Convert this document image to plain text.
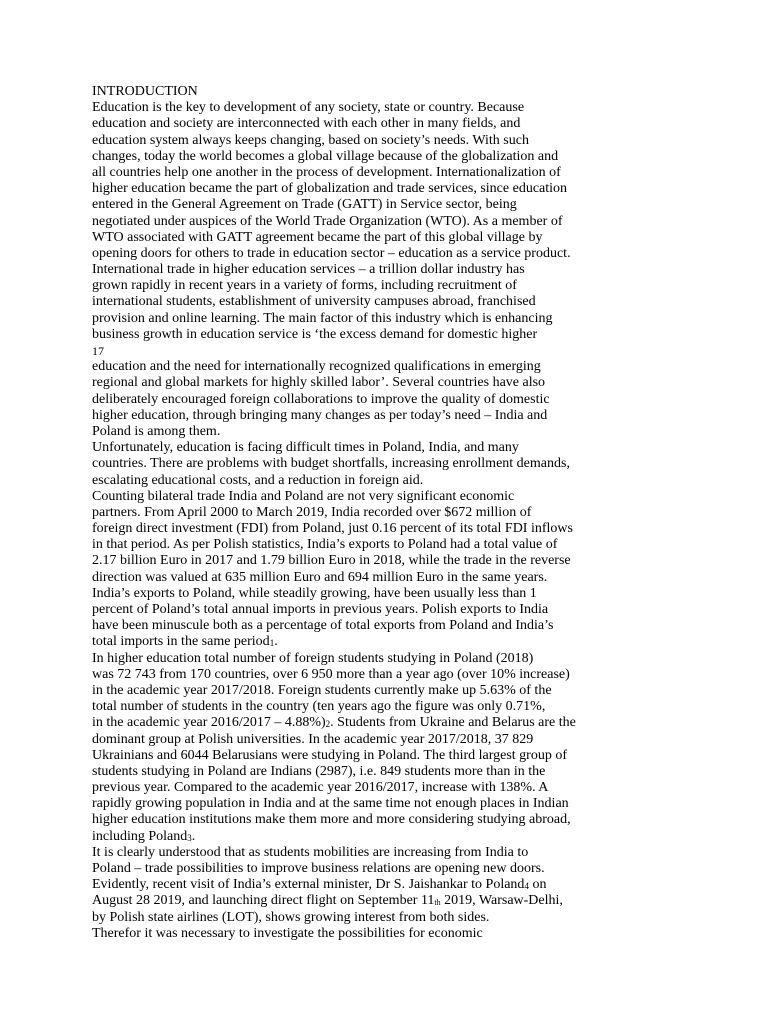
INTRODUCTION
Education is the key to development of any society, state or country. Because
education and society are interconnected with each other in many fields, and
education system always keeps changing, based on society’s needs. With such
changes, today the world becomes a global village because of the globalization and
all countries help one another in the process of development. Internationalization of
higher education became the part of globalization and trade services, since education
entered in the General Agreement on Trade (GATT) in Service sector, being
negotiated under auspices of the World Trade Organization (WTO). As a member of
WTO associated with GATT agreement became the part of this global village by
opening doors for others to trade in education sector – education as a service product.
International trade in higher education services – a trillion dollar industry has
grown rapidly in recent years in a variety of forms, including recruitment of
international students, establishment of university campuses abroad, franchised
provision and online learning. The main factor of this industry which is enhancing
business growth in education service is ‘the excess demand for domestic higher
17
education and the need for internationally recognized qualifications in emerging
regional and global markets for highly skilled labor’. Several countries have also
deliberately encouraged foreign collaborations to improve the quality of domestic
higher education, through bringing many changes as per today’s need – India and
Poland is among them.
Unfortunately, education is facing difficult times in Poland, India, and many
countries. There are problems with budget shortfalls, increasing enrollment demands,
escalating educational costs, and a reduction in foreign aid.
Counting bilateral trade India and Poland are not very significant economic
partners. From April 2000 to March 2019, India recorded over $672 million of
foreign direct investment (FDI) from Poland, just 0.16 percent of its total FDI inflows
in that period. As per Polish statistics, India’s exports to Poland had a total value of
2.17 billion Euro in 2017 and 1.79 billion Euro in 2018, while the trade in the reverse
direction was valued at 635 million Euro and 694 million Euro in the same years.
India’s exports to Poland, while steadily growing, have been usually less than 1
percent of Poland’s total annual imports in previous years. Polish exports to India
have been minuscule both as a percentage of total exports from Poland and India’s
total imports in the same period1.
In higher education total number of foreign students studying in Poland (2018)
was 72 743 from 170 countries, over 6 950 more than a year ago (over 10% increase)
in the academic year 2017/2018. Foreign students currently make up 5.63% of the
total number of students in the country (ten years ago the figure was only 0.71%,
in the academic year 2016/2017 – 4.88%)2. Students from Ukraine and Belarus are the
dominant group at Polish universities. In the academic year 2017/2018, 37 829
Ukrainians and 6044 Belarusians were studying in Poland. The third largest group of
students studying in Poland are Indians (2987), i.e. 849 students more than in the
previous year. Compared to the academic year 2016/2017, increase with 138%. A
rapidly growing population in India and at the same time not enough places in Indian
higher education institutions make them more and more considering studying abroad,
including Poland3.
It is clearly understood that as students mobilities are increasing from India to
Poland – trade possibilities to improve business relations are opening new doors.
Evidently, recent visit of India’s external minister, Dr S. Jaishankar to Poland4 on
August 28 2019, and launching direct flight on September 11th 2019, Warsaw-Delhi,
by Polish state airlines (LOT), shows growing interest from both sides.
Therefor it was necessary to investigate the possibilities for economic
